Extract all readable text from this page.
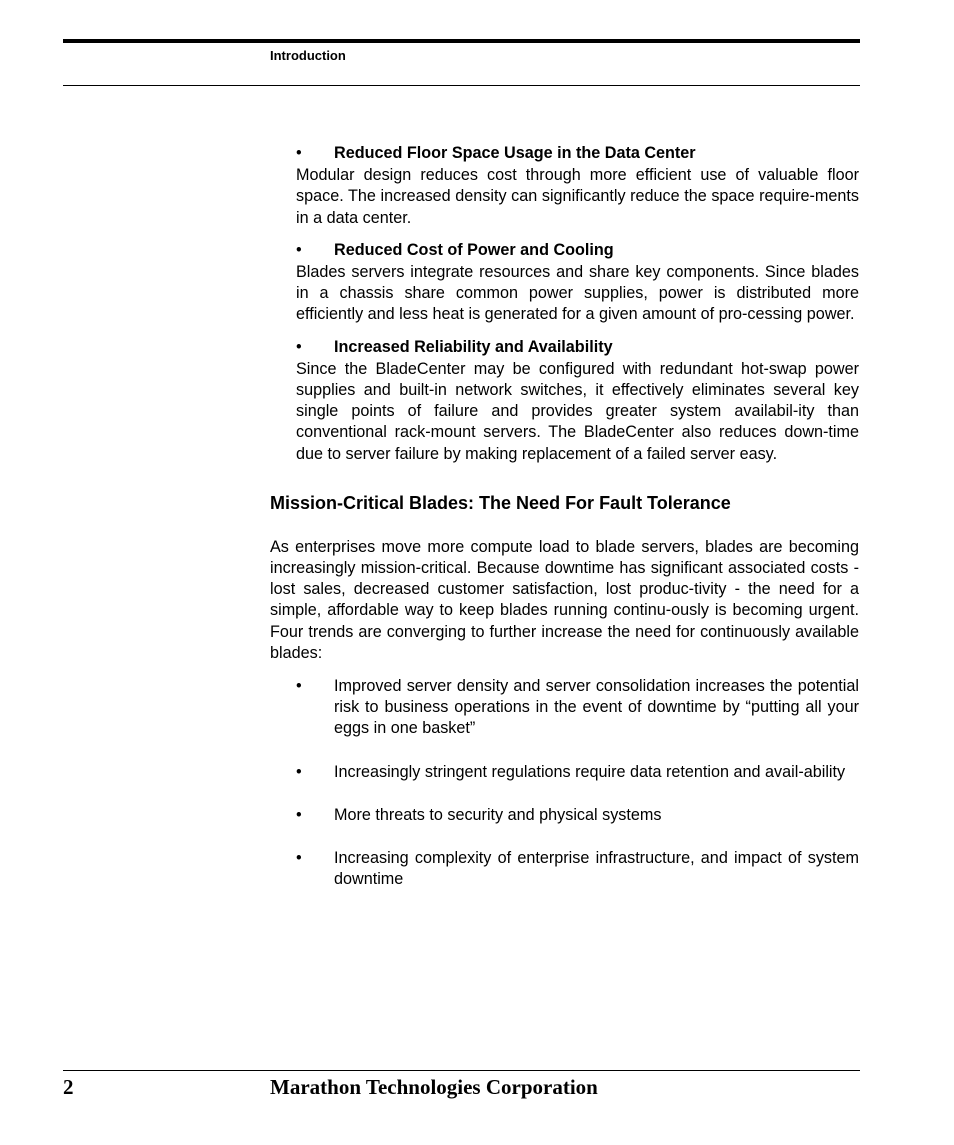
Introduction
•	Reduced Floor Space Usage in the Data Center
Modular design reduces cost through more efficient use of valuable floor space. The increased density can significantly reduce the space require-ments in a data center.
•	Reduced Cost of Power and Cooling
Blades servers integrate resources and share key components. Since blades in a chassis share common power supplies, power is distributed more efficiently and less heat is generated for a given amount of pro-cessing power.
•	Increased Reliability and Availability
Since the BladeCenter may be configured with redundant hot-swap power supplies and built-in network switches, it effectively eliminates several key single points of failure and provides greater system availabil-ity than conventional rack-mount servers. The BladeCenter also reduces down-time due to server failure by making replacement of a failed server easy.
Mission-Critical Blades: The Need For Fault Tolerance
As enterprises move more compute load to blade servers, blades are becoming increasingly mission-critical. Because downtime has significant associated costs - lost sales, decreased customer satisfaction, lost produc-tivity - the need for a simple, affordable way to keep blades running continu-ously is becoming urgent. Four trends are converging to further increase the need for continuously available blades:
•	Improved server density and server consolidation increases the potential risk to business operations in the event of downtime by “putting all your eggs in one basket”
•	Increasingly stringent regulations require data retention and avail-ability
•	More threats to security and physical systems
•	Increasing complexity of enterprise infrastructure, and impact of system downtime
2	Marathon Technologies Corporation
